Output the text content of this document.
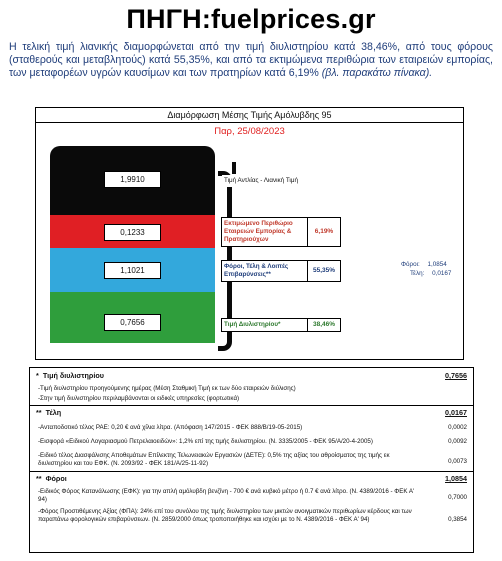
ΠΗΓΗ:fuelprices.gr
Η τελική τιμή λιανικής διαμορφώνεται από την τιμή διυλιστηρίου κατά 38,46%, από τους φόρους (σταθερούς και μεταβλητούς) κατά 55,35%, και από τα εκτιμώμενα περιθώρια των εταιρειών εμπορίας, των μεταφορέων υγρών καυσίμων και των πρατηρίων κατά 6,19% (βλ. παρακάτω πίνακα).
Διαμόρφωση Μέσης Τιμής Αμόλυβδης 95
Παρ, 25/08/2023
1,9910
0,1233
1,1021
0,7656
Τιμή Αντλίας - Λιανική Τιμή
Εκτιμώμενο Περιθώριο Εταιρειών Εμπορίας & Πρατηριούχων
6,19%
Φόροι, Τέλη & Λοιπές Επιβαρύνσεις**
55,35%
Τιμή Διυλιστηρίου*	38,46%
Φόροι: 1,0854
Τέλη: 0,0167
* Τιμή διυλιστηρίου	0,7656
-Τιμή διυλιστηρίου προηγούμενης ημέρας (Μέση Σταθμική Τιμή εκ των δύο εταιρειών διύλισης)
-Στην τιμή διυλιστηρίου περιλαμβάνονται οι ειδικές υπηρεσίες (φορτωτικά)
** Τέλη	0,0167
-Ανταποδοτικό τέλος ΡΑΕ: 0,20 € ανά χίλια λίτρα. (Απόφαση 147/2015 - ΦΕΚ 888/Β/19-05-2015)	0,0002
-Εισφορά «Ειδικού Λογαριασμού Πετρελαιοειδών»: 1,2% επί της τιμής διυλιστηρίου. (Ν. 3335/2005 - ΦΕΚ 95/Α/20-4-2005)	0,0092
-Ειδικό τέλος Διασφάλισης Αποθεμάτων Επίλεκτης Τελωνειακών Εργασιών (ΔΕΤΕ): 0,5% της αξίας του αθροίσματος της τιμής εκ διυλιστηρίου και του ΕΦΚ. (Ν. 2093/92 - ΦΕΚ 181/Α/25-11-92)	0,0073
** Φόροι	1,0854
-Ειδικός Φόρος Κατανάλωσης (ΕΦΚ): για την απλή αμόλυβδη βενζίνη - 700 € ανά κυβικό μέτρο ή 0.7 € ανά λίτρο. (Ν. 4389/2016 - ΦΕΚ Α' 94)	0,7000
-Φόρος Προστιθέμενης Αξίας (ΦΠΑ): 24% επί του συνόλου της τιμής διυλιστηρίου των μικτών ανοιγματικών περιθωρίων κέρδους και των παραπάνω φορολογικών επιβαρύνσεων. (Ν. 2859/2000 όπως τροποποιήθηκε και ισχύει με το Ν. 4389/2016 - ΦΕΚ Α' 94)	0,3854
